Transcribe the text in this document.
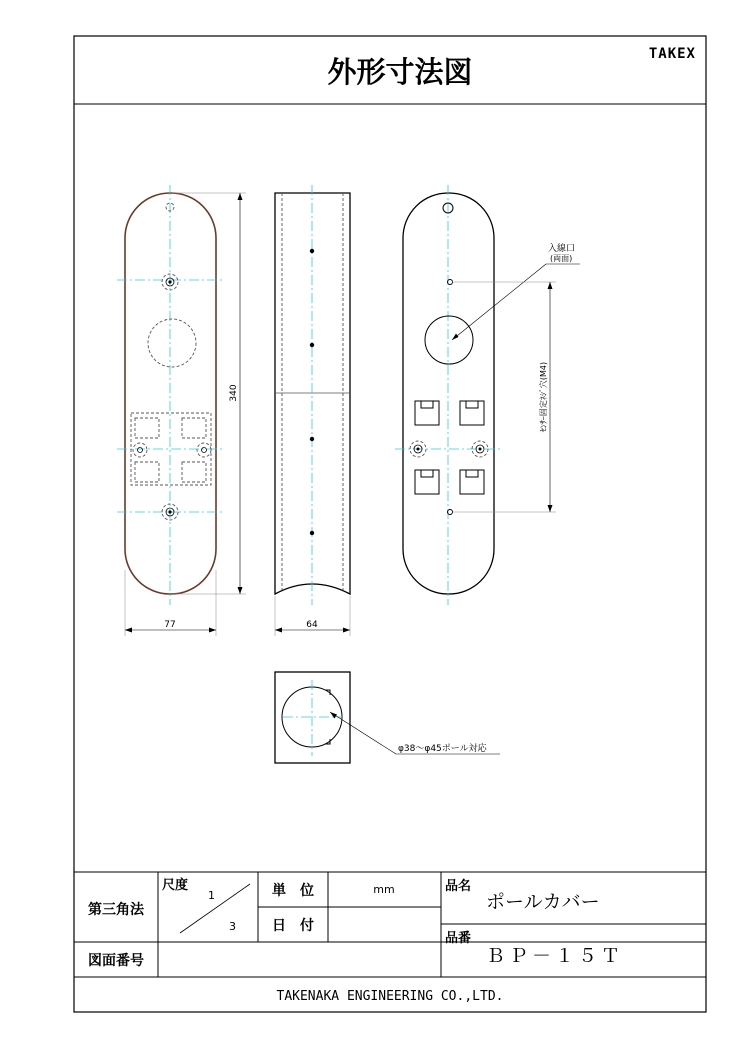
外形寸法図
TAKEX
340
77	64
入線口
(両面)
ｾﾝｻｰ固定ﾈｼﾞ穴(M4)
φ38～φ45ポール対応
第三角法
尺度
1
3
単　位	mm
日　付
品名
ポールカバー
品番
ＢＰ－１５Ｔ
図面番号
TAKENAKA ENGINEERING CO.,LTD.
